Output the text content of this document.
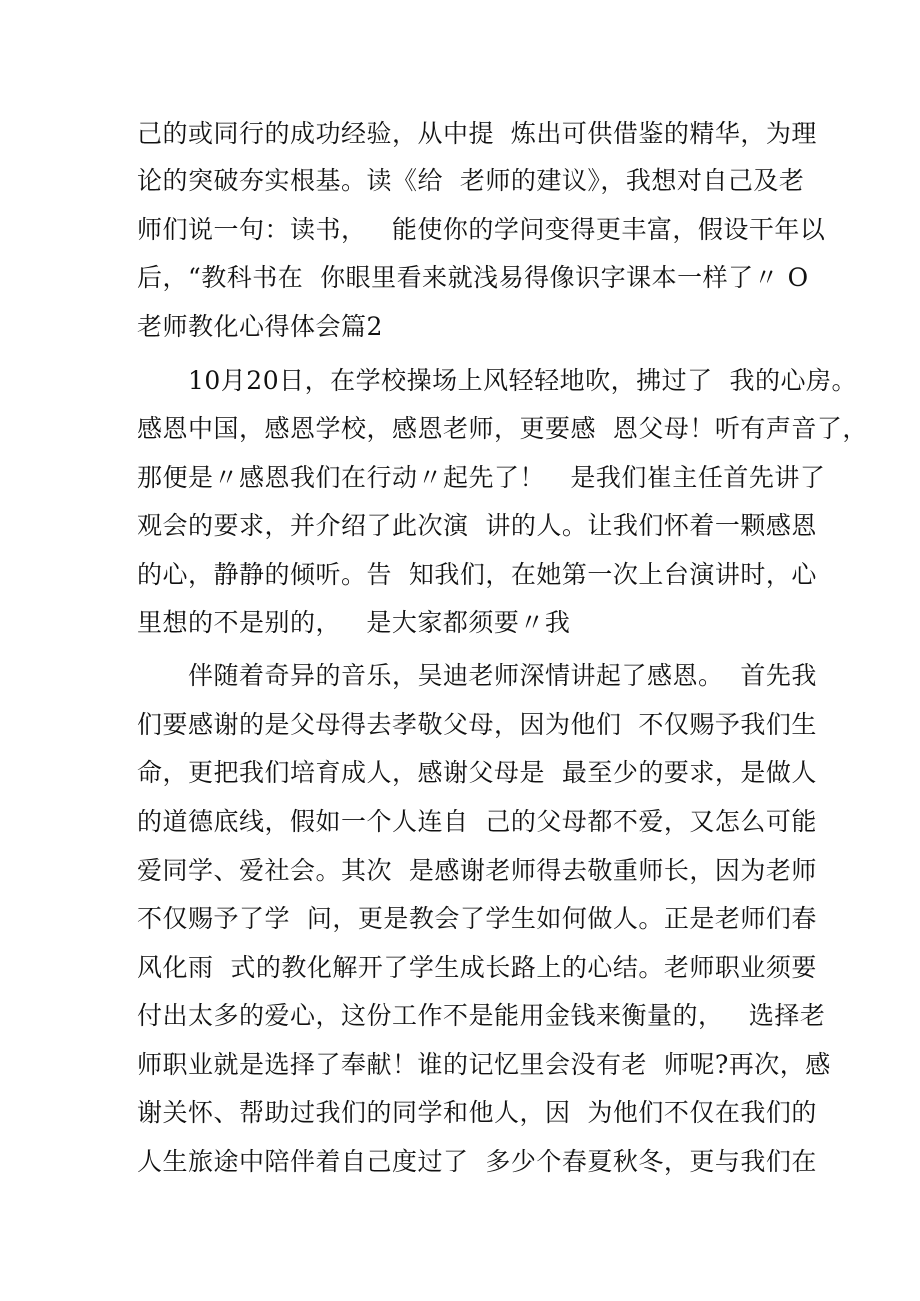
己的或同行的成功经验，从中提  炼出可供借鉴的精华，为理
论的突破夯实根基。读《给  老师的建议》，我想对自己及老
师们说一句：读书，   能使你的学问变得更丰富，假设干年以
后，“教科书在  你眼里看来就浅易得像识字课本一样了〃 O
老师教化心得体会篇2
10月20日，在学校操场上风轻轻地吹，拂过了  我的心房。
感恩中国，感恩学校，感恩老师，更要感  恩父母！听有声音了，
那便是〃感恩我们在行动〃起先了！   是我们崔主任首先讲了
观会的要求，并介绍了此次演  讲的人。让我们怀着一颗感恩
的心，静静的倾听。告  知我们，在她第一次上台演讲时，心
里想的不是别的，   是大家都须要〃我
伴随着奇异的音乐，吴迪老师深情讲起了感恩。  首先我
们要感谢的是父母得去孝敬父母，因为他们  不仅赐予我们生
命，更把我们培育成人，感谢父母是  最至少的要求，是做人
的道德底线，假如一个人连自  己的父母都不爱，又怎么可能
爱同学、爱社会。其次  是感谢老师得去敬重师长，因为老师
不仅赐予了学  问，更是教会了学生如何做人。正是老师们春
风化雨  式的教化解开了学生成长路上的心结。老师职业须要
付出太多的爱心，这份工作不是能用金钱来衡量的，   选择老
师职业就是选择了奉献！谁的记忆里会没有老  师呢?再次，感
谢关怀、帮助过我们的同学和他人，因  为他们不仅在我们的
人生旅途中陪伴着自己度过了  多少个春夏秋冬，更与我们在
